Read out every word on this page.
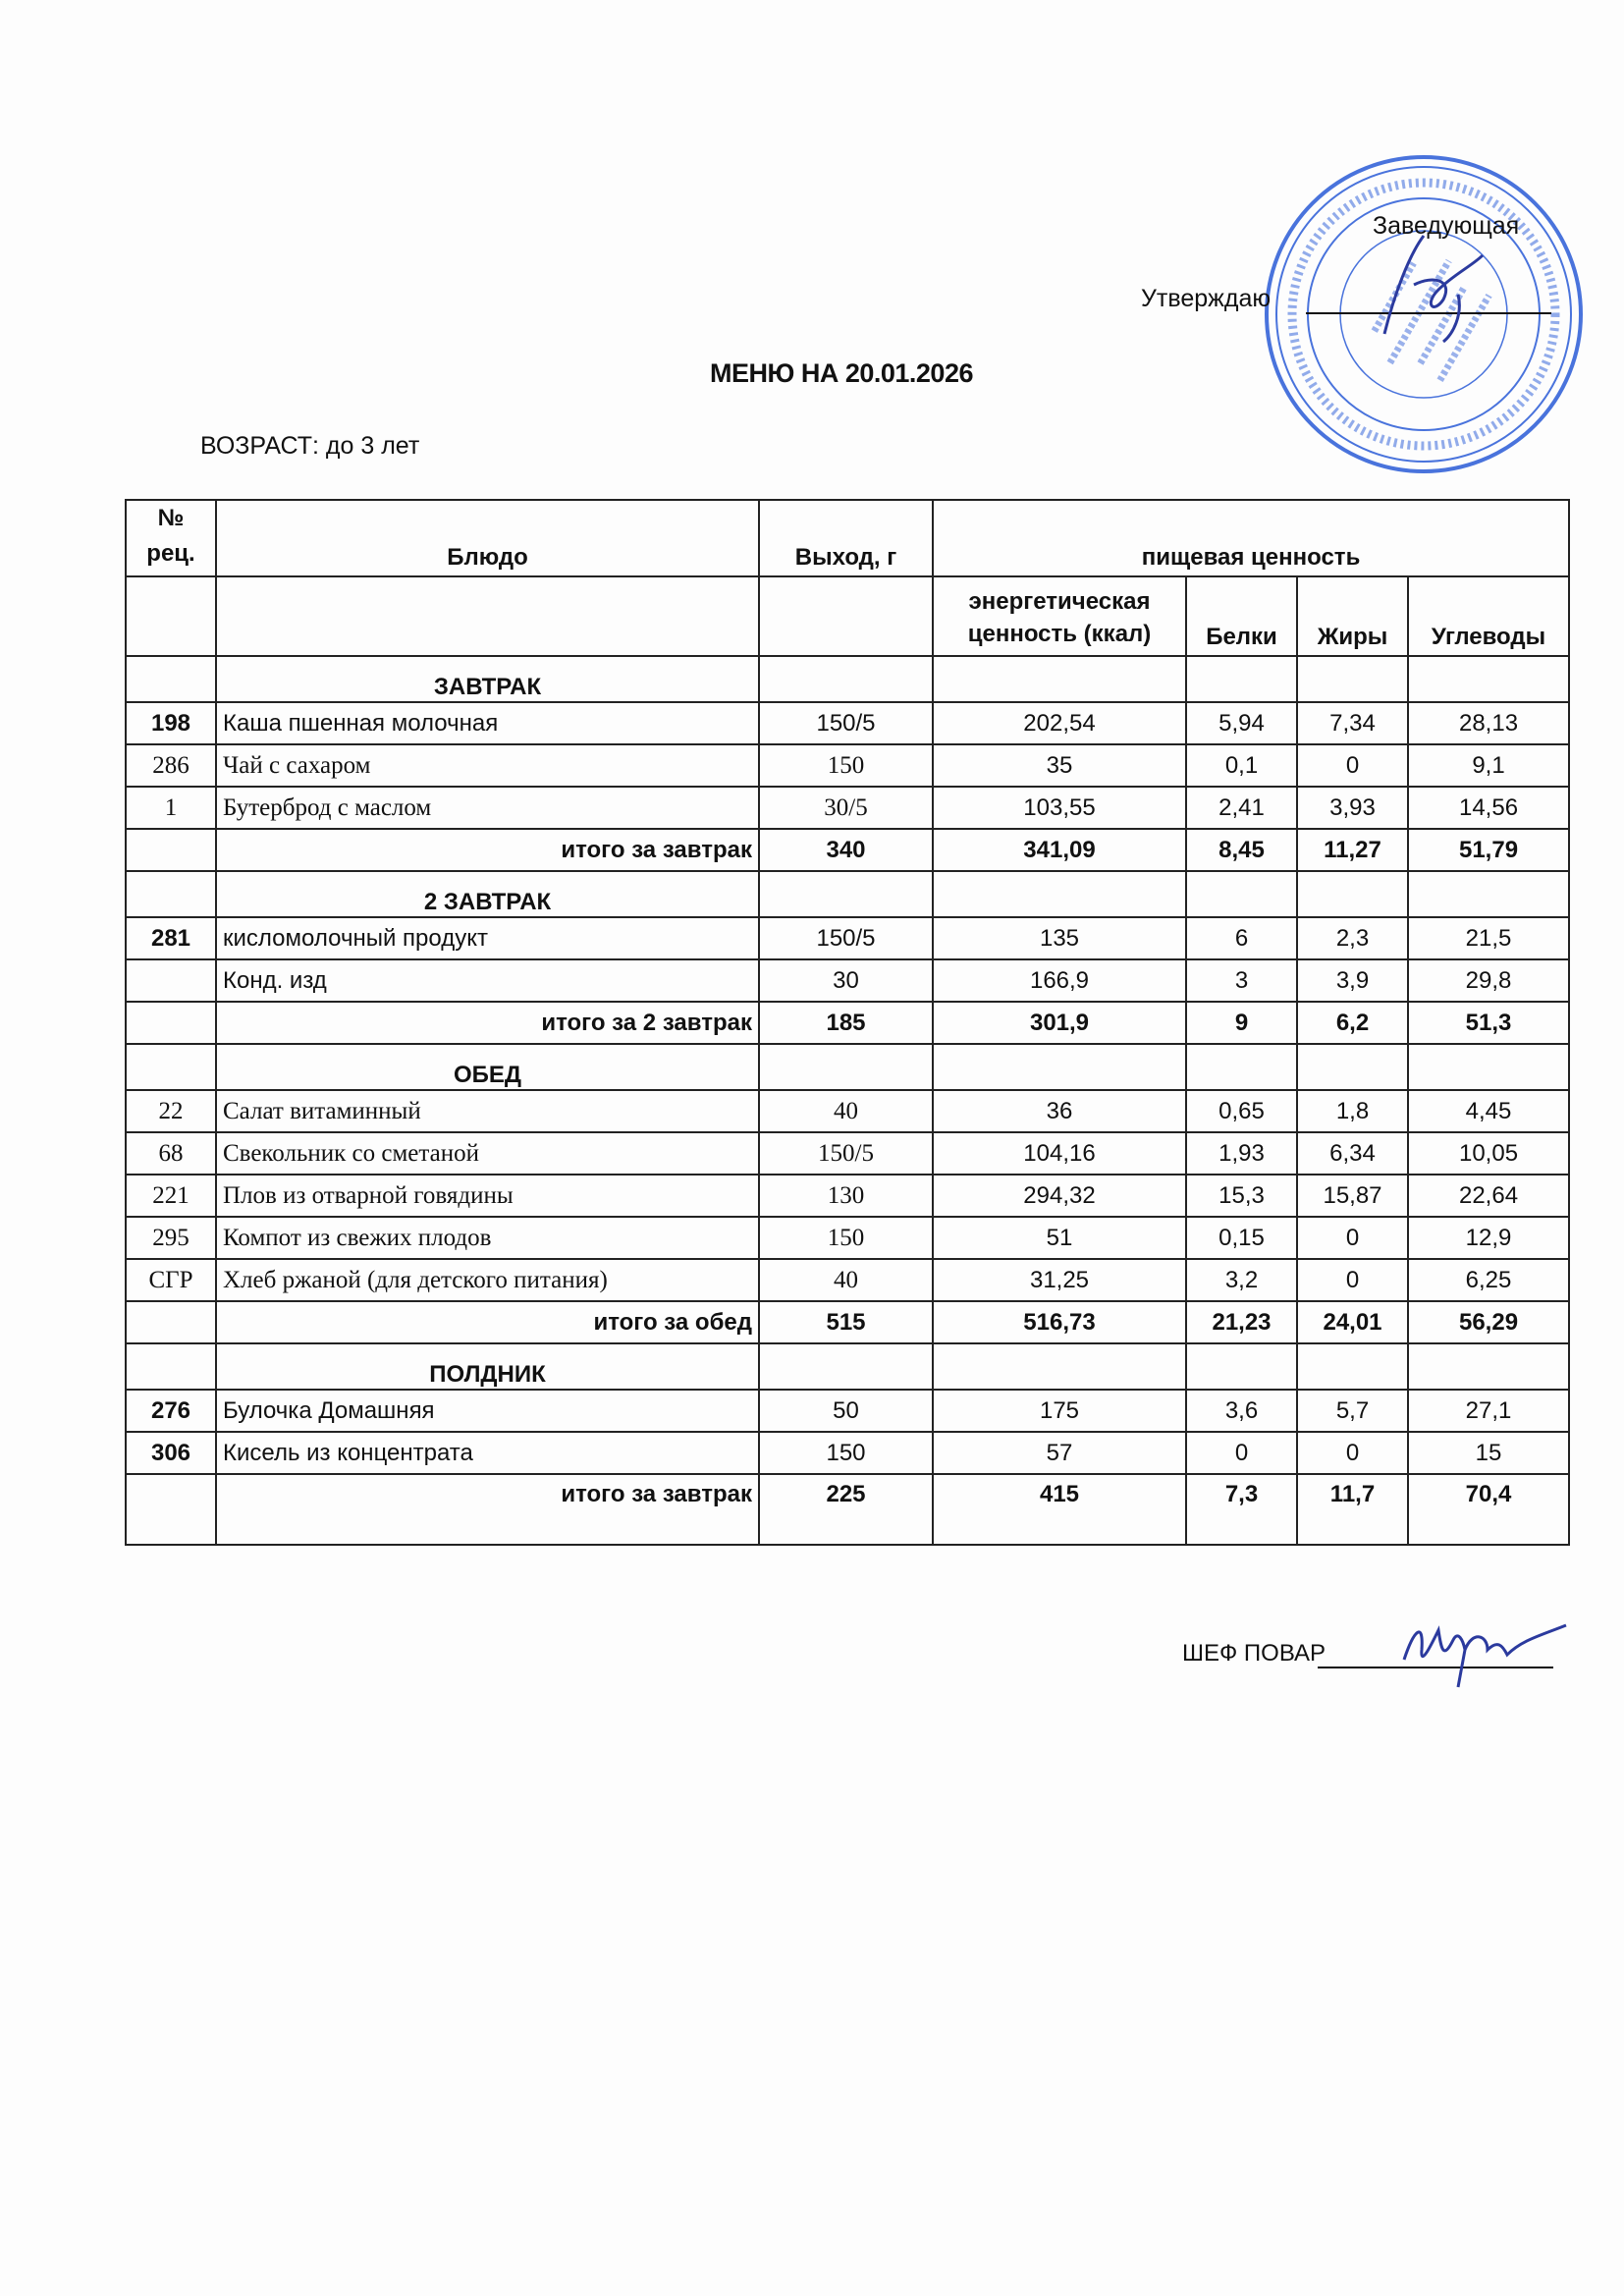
Заведующая
Утверждаю
МЕНЮ НА 20.01.2026
ВОЗРАСТ: до 3 лет
№ рец.	Блюдо	Выход, г	пищевая ценность			
			энергетическая ценность (ккал)	Белки	Жиры	Углеводы
	ЗАВТРАК					
198	Каша пшенная молочная	150/5	202,54	5,94	7,34	28,13
286	Чай с сахаром	150	35	0,1	0	9,1
1	Бутерброд с маслом	30/5	103,55	2,41	3,93	14,56
	итого за завтрак	340	341,09	8,45	11,27	51,79
	2 ЗАВТРАК					
281	кисломолочный продукт	150/5	135	6	2,3	21,5
	Конд. изд	30	166,9	3	3,9	29,8
	итого за 2 завтрак	185	301,9	9	6,2	51,3
	ОБЕД					
22	Салат витаминный	40	36	0,65	1,8	4,45
68	Свекольник со сметаной	150/5	104,16	1,93	6,34	10,05
221	Плов из отварной говядины	130	294,32	15,3	15,87	22,64
295	Компот из свежих плодов	150	51	0,15	0	12,9
СГР	Хлеб ржаной (для детского питания)	40	31,25	3,2	0	6,25
	итого за обед	515	516,73	21,23	24,01	56,29
	ПОЛДНИК					
276	Булочка Домашняя	50	175	3,6	5,7	27,1
306	Кисель из концентрата	150	57	0	0	15
	итого за завтрак	225	415	7,3	11,7	70,4
ШЕФ ПОВАР
